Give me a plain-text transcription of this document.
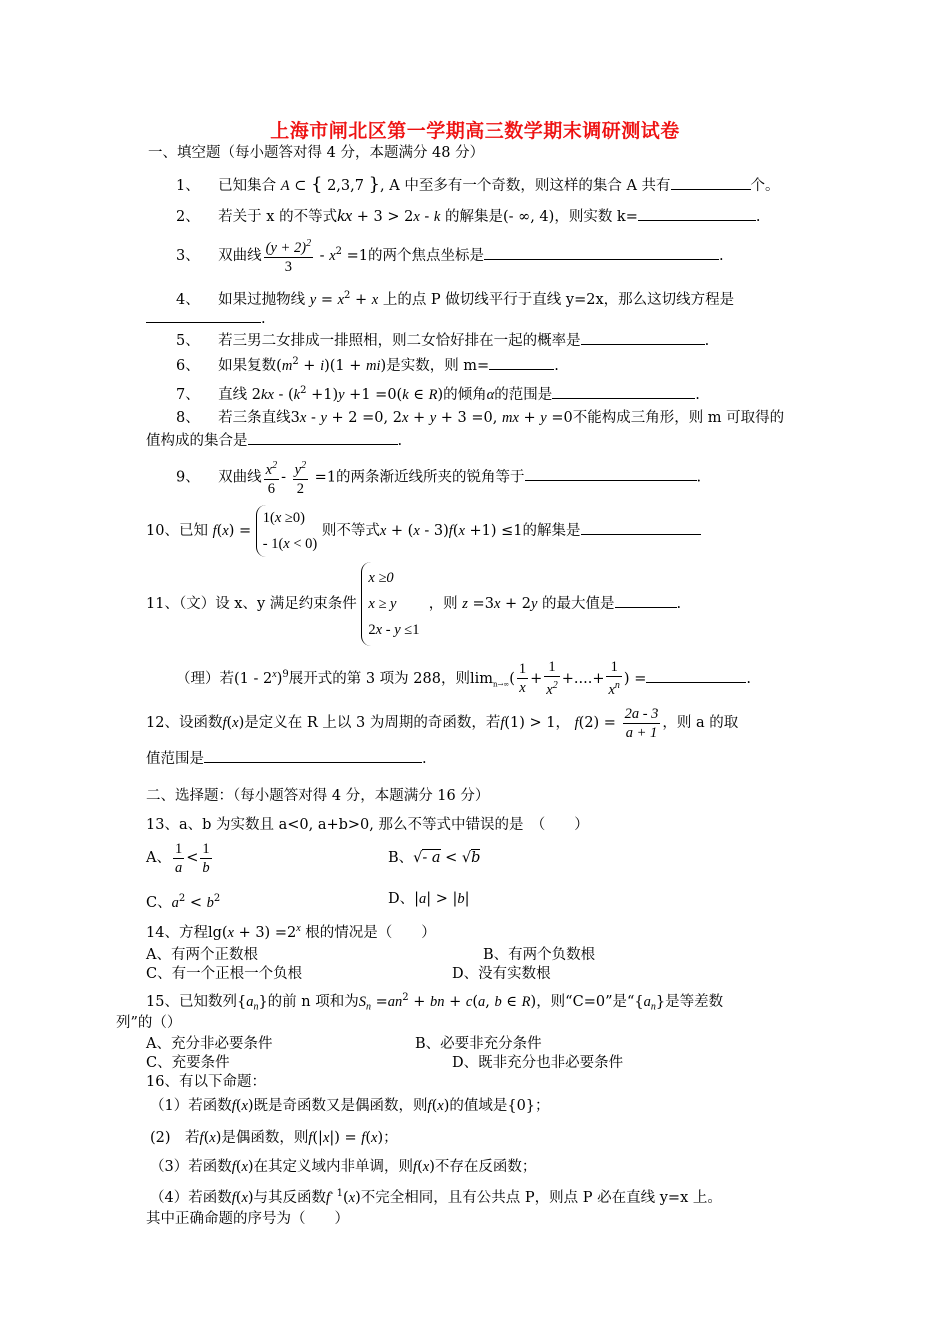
上海市闸北区第一学期高三数学期末调研测试卷
一、填空题（每小题答对得 4 分，本题满分 48 分）
1、 已知集合 A ⊂ { 2,3,7 }, A 中至多有一个奇数，则这样的集合 A 共有	个。
2、 若关于 x 的不等式kx + 3 > 2x - k 的解集是(- ∞, 4)，则实数 k=	.
3、 双曲线 $\frac{(y + 2)^2}{3} - x^2 =1$的两个焦点坐标是	.
4、 如果过抛物线 $y = x^2 + x$ 上的点 P 做切线平行于直线 y=2x，那么这切线方程是
.
5、 若三男二女排成一排照相，则二女恰好排在一起的概率是	.
6、 如果复数$(m^2 + i)(1 + mi)$是实数，则 m=	.
7、 直线 $2kx - (k^2 +1)y +1 =0(k$ ∈ R)的倾角α的范围是	.
8、 若三条直线3x - y + 2 =0, 2x + y + 3 =0, mx + y =0不能构成三角形，则 m 可取得的
值构成的集合是	.
9、 双曲线 $\frac{x^2}{6} - \frac{y^2}{2} =1$的两条渐近线所夹的锐角等于	.
10、已知 f(x) = 1(x ≥0)
- 1(x < 0) 则不等式x + (x - 3)f(x +1) ≤1的解集是
11、（文）设 x、y 满足约束条件 x ≥0
x ≥ y
2x - y ≤1  ，则 z =3x + 2y 的最大值是	.
（理）若(1 - 2$^x$)$^9$展开式的第 3 项为 288，则$\lim_{n\to\infty}( \frac{1}{x} + \frac{1}{x^2}$ +....+ $\frac{1}{x^n}$ ) =	.
12、设函数f(x)是定义在 R 上以 3 为周期的奇函数，若f(1) > 1， $f(2) = \frac{2a - 3}{a + 1}$ ，则 a 的取
值范围是	.
二、选择题：（每小题答对得 4 分，本题满分 16 分）
13、a、b 为实数且 a<0, a+b>0, 那么不等式中错误的是　（　　）
A、 $\frac{1}{a} < \frac{1}{b}$	B、√- a < √b
C、$a^2 < b^2$	D、|a| > |b|
14、方程$\lg(x + 3) =2^x$ 根的情况是（　　）
A、有两个正数根	B、有两个负数根
C、有一个正根一个负根	D、没有实数根
15、已知数列$\{a_n\}$的前 n 项和为$S_n =an^2$ + bn + c(a, b ∈ R)，则“C=0”是“$\{a_n\}$是等差数
列”的（）
A、充分非必要条件	B、必要非充分条件
C、充要条件	D、既非充分也非必要条件
16、有以下命题：
（1）若函数f(x)既是奇函数又是偶函数，则f(x)的值域是{0}；
(2)　若f(x)是偶函数，则f(|x|) = f(x)；
（3）若函数f(x)在其定义域内非单调，则f(x)不存在反函数；
（4）若函数f(x)与其反函数$f^{- 1}(x)$不完全相同，且有公共点 P，则点 P 必在直线 y=x 上。
其中正确命题的序号为（　　）
